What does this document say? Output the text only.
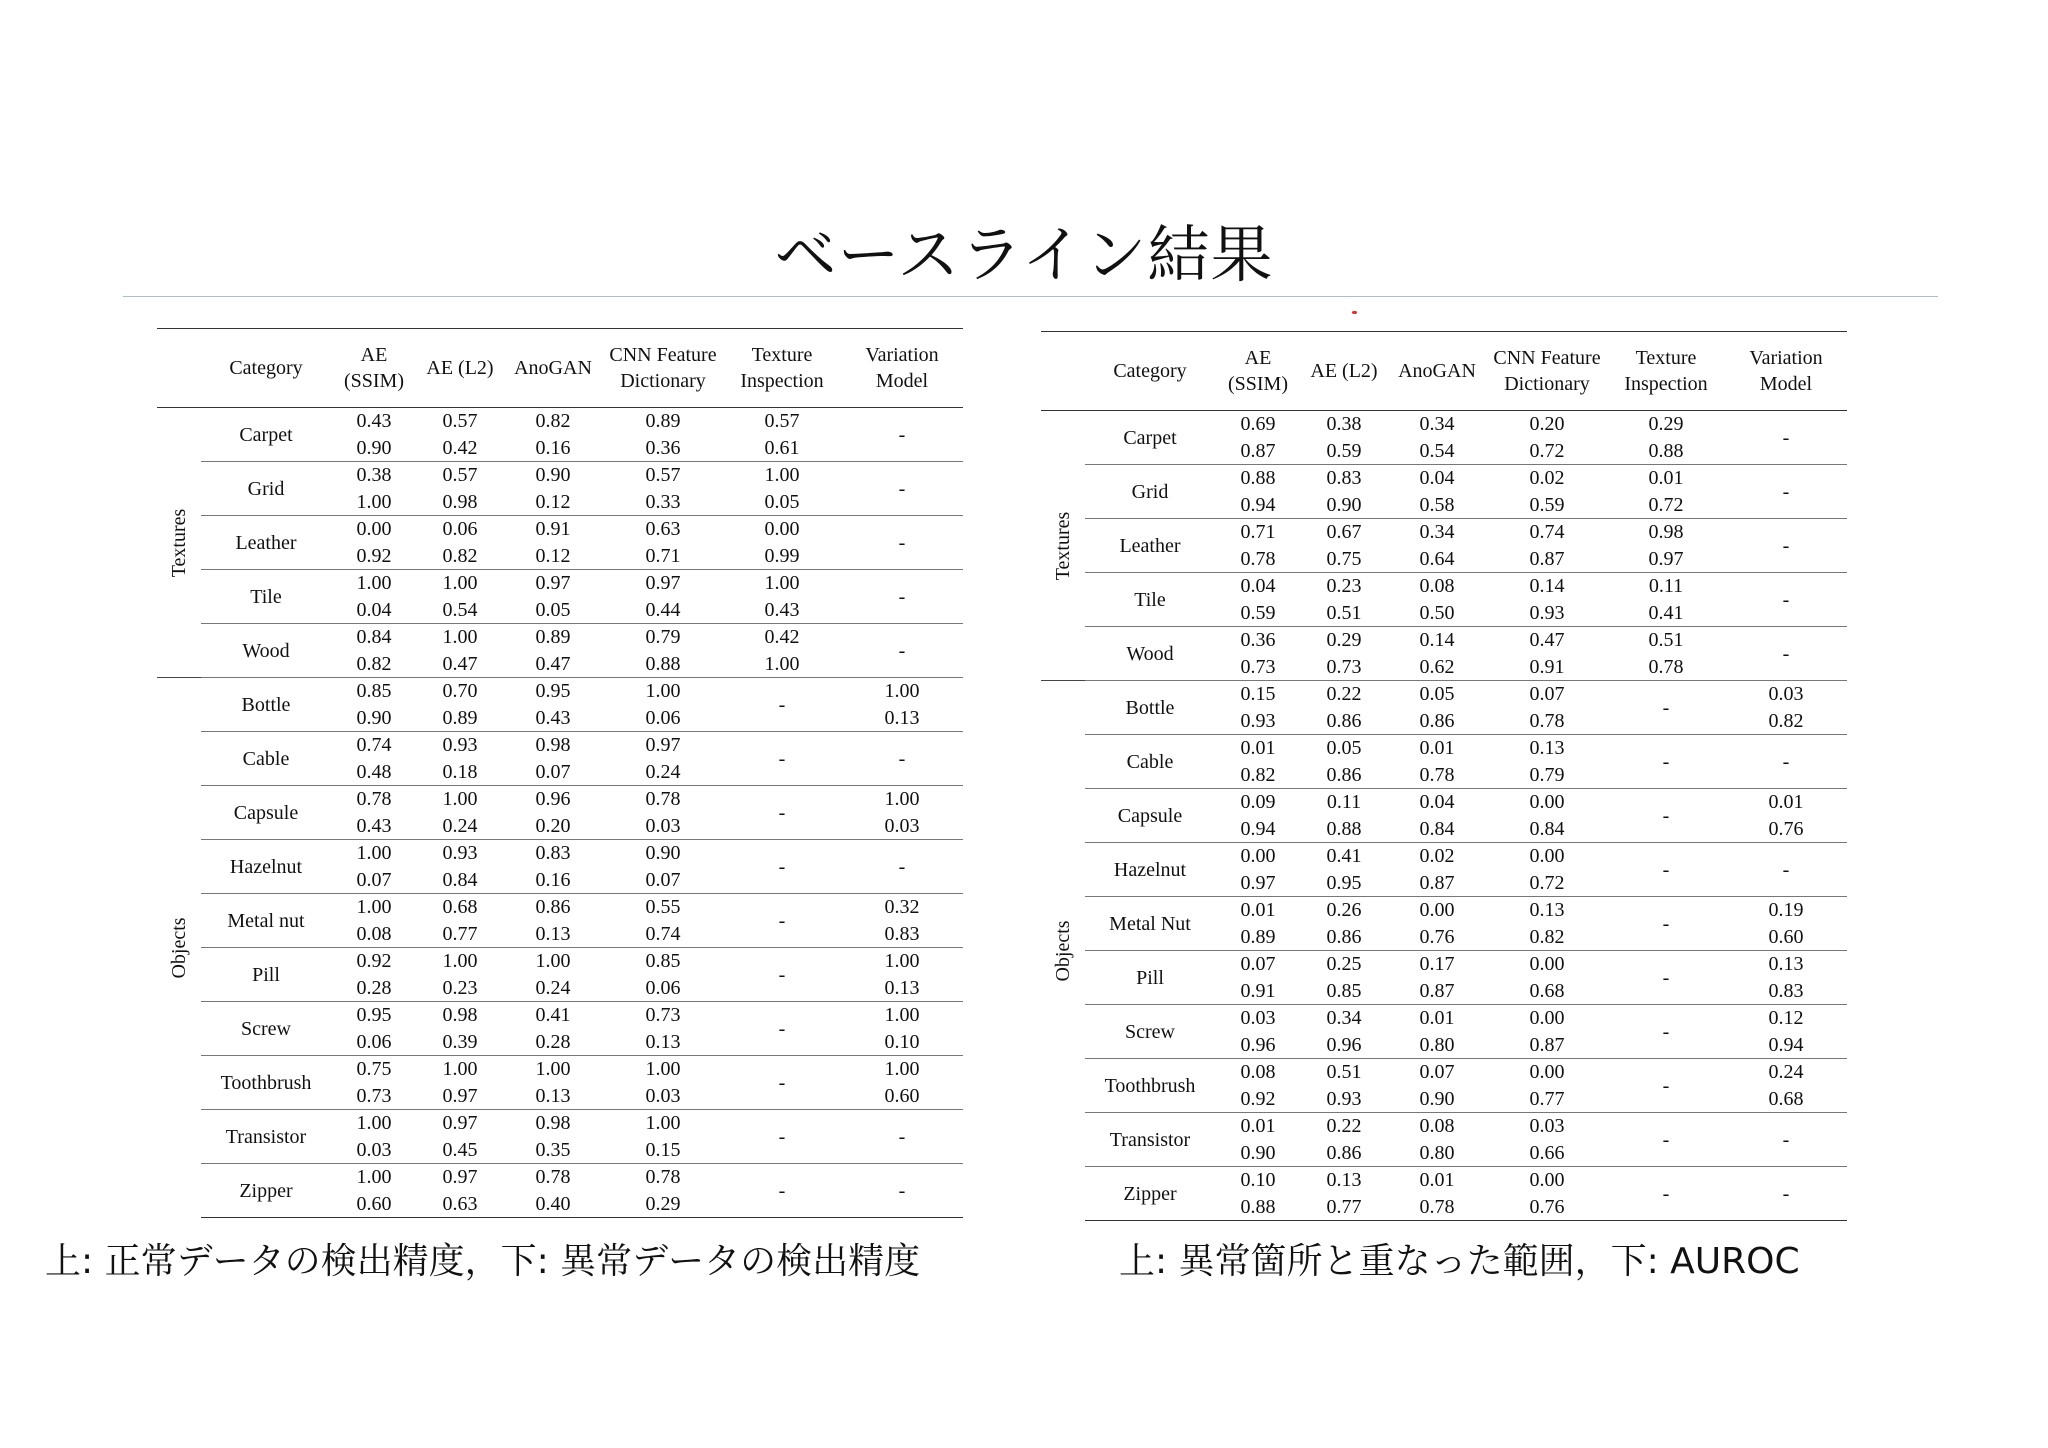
ベースライン結果
	Category	AE (SSIM)	AE (L2)	AnoGAN	CNN Feature Dictionary	Texture Inspection	Variation Model

Textures	Carpet	0.43	0.57	0.82	0.89	0.57	-
		0.90	0.42	0.16	0.36	0.61	
	Grid	0.38	0.57	0.90	0.57	1.00	-
		1.00	0.98	0.12	0.33	0.05	
	Leather	0.00	0.06	0.91	0.63	0.00	-
		0.92	0.82	0.12	0.71	0.99	
	Tile	1.00	1.00	0.97	0.97	1.00	-
		0.04	0.54	0.05	0.44	0.43	
	Wood	0.84	1.00	0.89	0.79	0.42	-
		0.82	0.47	0.47	0.88	1.00	

Objects	Bottle	0.85	0.70	0.95	1.00	-	1.00
		0.90	0.89	0.43	0.06		0.13
	Cable	0.74	0.93	0.98	0.97	-	-
		0.48	0.18	0.07	0.24		
	Capsule	0.78	1.00	0.96	0.78	-	1.00
		0.43	0.24	0.20	0.03		0.03
	Hazelnut	1.00	0.93	0.83	0.90	-	-
		0.07	0.84	0.16	0.07		
	Metal nut	1.00	0.68	0.86	0.55	-	0.32
		0.08	0.77	0.13	0.74		0.83
	Pill	0.92	1.00	1.00	0.85	-	1.00
		0.28	0.23	0.24	0.06		0.13
	Screw	0.95	0.98	0.41	0.73	-	1.00
		0.06	0.39	0.28	0.13		0.10
	Toothbrush	0.75	1.00	1.00	1.00	-	1.00
		0.73	0.97	0.13	0.03		0.60
	Transistor	1.00	0.97	0.98	1.00	-	-
		0.03	0.45	0.35	0.15		
	Zipper	1.00	0.97	0.78	0.78	-	-
		0.60	0.63	0.40	0.29		
	Category	AE (SSIM)	AE (L2)	AnoGAN	CNN Feature Dictionary	Texture Inspection	Variation Model

Textures	Carpet	0.69	0.38	0.34	0.20	0.29	-
		0.87	0.59	0.54	0.72	0.88	
	Grid	0.88	0.83	0.04	0.02	0.01	-
		0.94	0.90	0.58	0.59	0.72	
	Leather	0.71	0.67	0.34	0.74	0.98	-
		0.78	0.75	0.64	0.87	0.97	
	Tile	0.04	0.23	0.08	0.14	0.11	-
		0.59	0.51	0.50	0.93	0.41	
	Wood	0.36	0.29	0.14	0.47	0.51	-
		0.73	0.73	0.62	0.91	0.78	

Objects	Bottle	0.15	0.22	0.05	0.07	-	0.03
		0.93	0.86	0.86	0.78		0.82
	Cable	0.01	0.05	0.01	0.13	-	-
		0.82	0.86	0.78	0.79		
	Capsule	0.09	0.11	0.04	0.00	-	0.01
		0.94	0.88	0.84	0.84		0.76
	Hazelnut	0.00	0.41	0.02	0.00	-	-
		0.97	0.95	0.87	0.72		
	Metal Nut	0.01	0.26	0.00	0.13	-	0.19
		0.89	0.86	0.76	0.82		0.60
	Pill	0.07	0.25	0.17	0.00	-	0.13
		0.91	0.85	0.87	0.68		0.83
	Screw	0.03	0.34	0.01	0.00	-	0.12
		0.96	0.96	0.80	0.87		0.94
	Toothbrush	0.08	0.51	0.07	0.00	-	0.24
		0.92	0.93	0.90	0.77		0.68
	Transistor	0.01	0.22	0.08	0.03	-	-
		0.90	0.86	0.80	0.66		
	Zipper	0.10	0.13	0.01	0.00	-	-
		0.88	0.77	0.78	0.76		
上: 正常データの検出精度，下: 異常データの検出精度	上: 異常箇所と重なった範囲，下: AUROC
